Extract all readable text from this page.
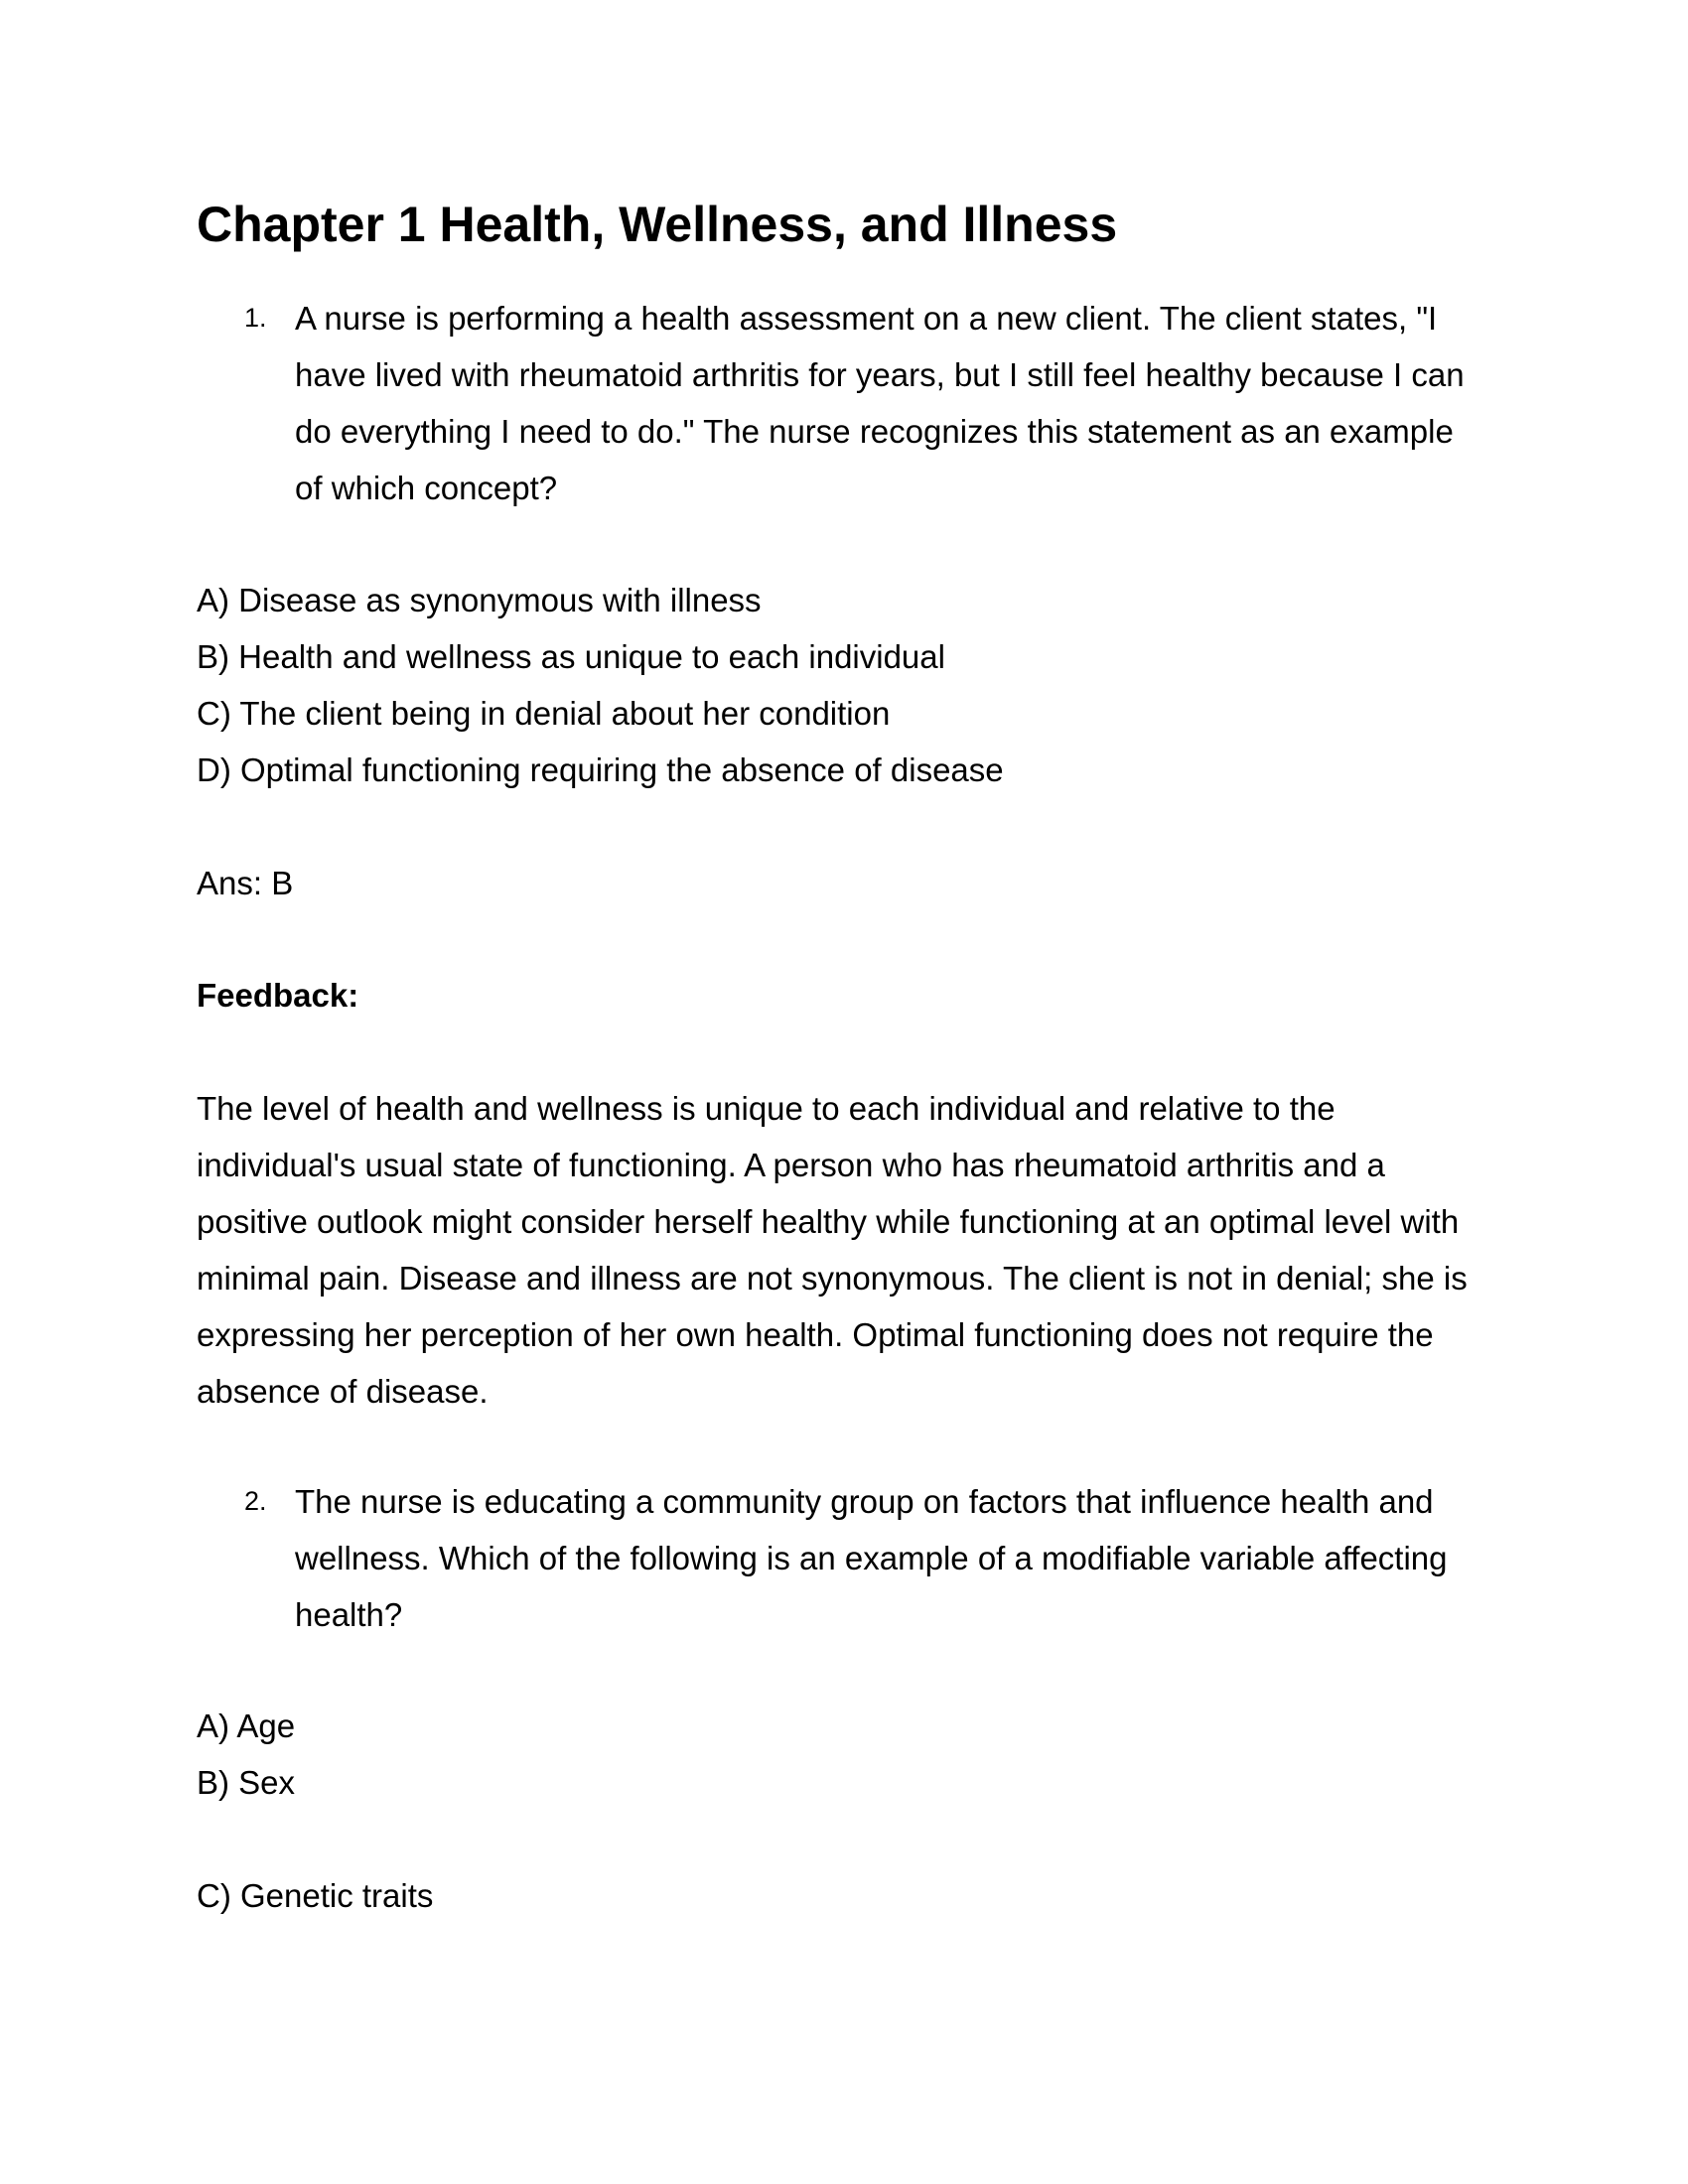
Chapter 1 Health, Wellness, and Illness
1. A nurse is performing a health assessment on a new client. The client states, "I
have lived with rheumatoid arthritis for years, but I still feel healthy because I can
do everything I need to do." The nurse recognizes this statement as an example
of which concept?
A) Disease as synonymous with illness
B) Health and wellness as unique to each individual
C) The client being in denial about her condition
D) Optimal functioning requiring the absence of disease
Ans: B
Feedback:
The level of health and wellness is unique to each individual and relative to the
individual's usual state of functioning. A person who has rheumatoid arthritis and a
positive outlook might consider herself healthy while functioning at an optimal level with
minimal pain. Disease and illness are not synonymous. The client is not in denial; she is
expressing her perception of her own health. Optimal functioning does not require the
absence of disease.
2. The nurse is educating a community group on factors that influence health and
wellness. Which of the following is an example of a modifiable variable affecting
health?
A) Age
B) Sex
C) Genetic traits
